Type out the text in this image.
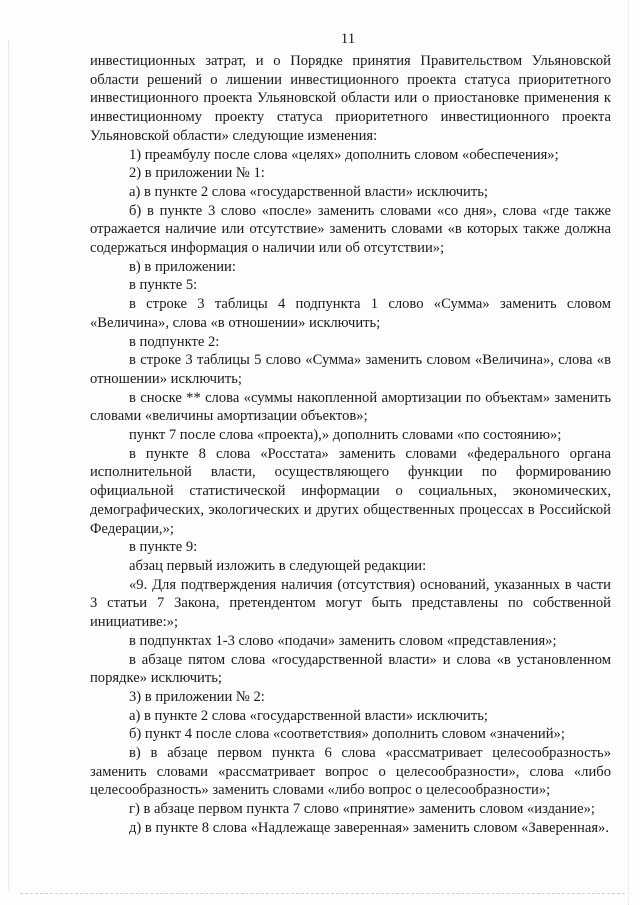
11

инвестиционных затрат, и о Порядке принятия Правительством Ульяновской области решений о лишении инвестиционного проекта статуса приоритетного инвестиционного проекта Ульяновской области или о приостановке применения к инвестиционному проекту статуса приоритетного инвестиционного проекта Ульяновской области» следующие изменения:

1) преамбулу после слова «целях» дополнить словом «обеспечения»;

2) в приложении № 1:

а) в пункте 2 слова «государственной власти» исключить;

б) в пункте 3 слово «после» заменить словами «со дня», слова «где также отражается наличие или отсутствие» заменить словами «в которых также должна содержаться информация о наличии или об отсутствии»;

в) в приложении:

в пункте 5:

в строке 3 таблицы 4 подпункта 1 слово «Сумма» заменить словом «Величина», слова «в отношении» исключить;

в подпункте 2:

в строке 3 таблицы 5 слово «Сумма» заменить словом «Величина», слова «в отношении» исключить;

в сноске ** слова «суммы накопленной амортизации по объектам» заменить словами «величины амортизации объектов»;

пункт 7 после слова «проекта),» дополнить словами «по состоянию»;

в пункте 8 слова «Росстата» заменить словами «федерального органа исполнительной власти, осуществляющего функции по формированию официальной статистической информации о социальных, экономических, демографических, экологических и других общественных процессах в Российской Федерации,»;

в пункте 9:

абзац первый изложить в следующей редакции:

«9. Для подтверждения наличия (отсутствия) оснований, указанных в части 3 статьи 7 Закона, претендентом могут быть представлены по собственной инициативе:»;

в подпунктах 1-3 слово «подачи» заменить словом «представления»;

в абзаце пятом слова «государственной власти» и слова «в установленном порядке» исключить;

3) в приложении № 2:

а) в пункте 2 слова «государственной власти» исключить;

б) пункт 4 после слова «соответствия» дополнить словом «значений»;

в) в абзаце первом пункта 6 слова «рассматривает целесообразность» заменить словами «рассматривает вопрос о целесообразности», слова «либо целесообразность» заменить словами «либо вопрос о целесообразности»;

г) в абзаце первом пункта 7 слово «принятие» заменить словом «издание»;

д) в пункте 8 слова «Надлежаще заверенная» заменить словом «Заверенная».
